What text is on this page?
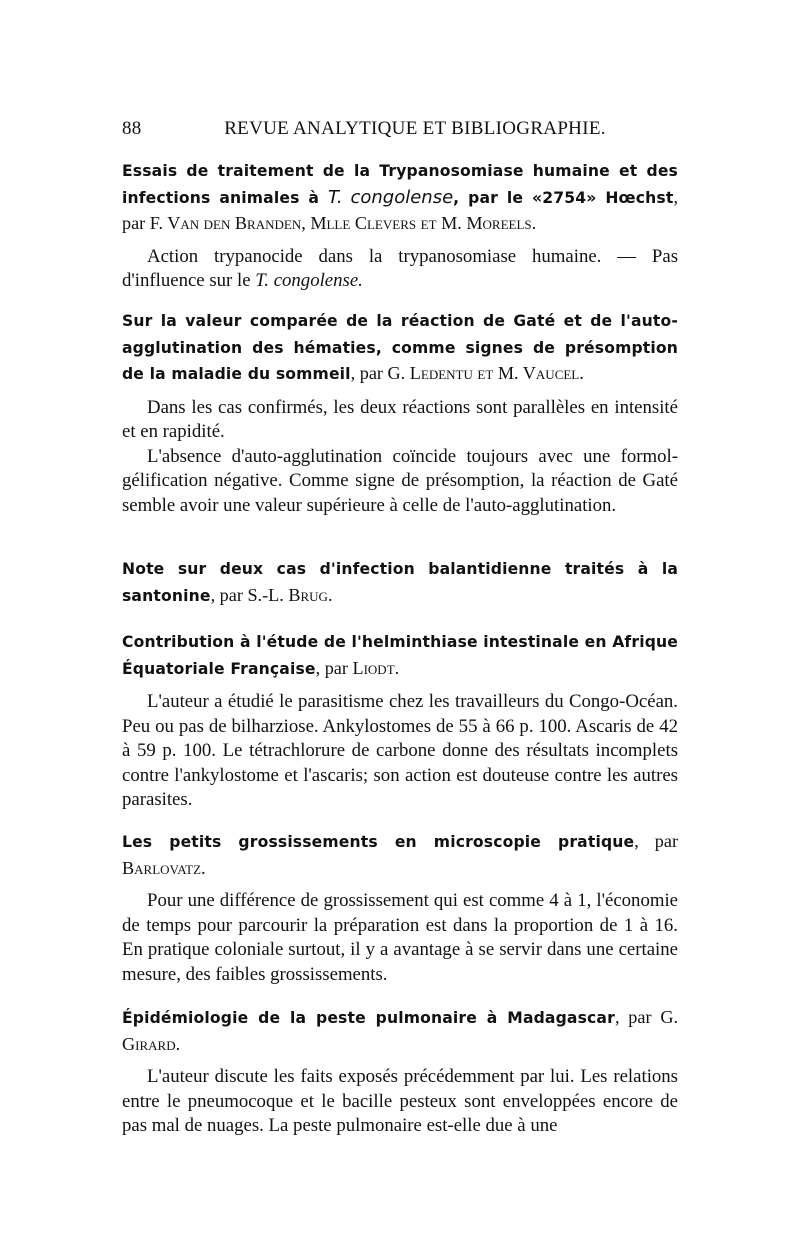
88	REVUE ANALYTIQUE ET BIBLIOGRAPHIE.
Essais de traitement de la Trypanosomiase humaine et des infections animales à T. congolense, par le «2754» Hœchst, par F. Van den Branden, Mlle Clevers et M. Moreels.

Action trypanocide dans la trypanosomiase humaine. — Pas d'influence sur le T. congolense.

Sur la valeur comparée de la réaction de Gaté et de l'auto-agglutination des hématies, comme signes de présomption de la maladie du sommeil, par G. Ledentu et M. Vaucel.

Dans les cas confirmés, les deux réactions sont parallèles en intensité et en rapidité.

L'absence d'auto-agglutination coïncide toujours avec une formol-gélification négative. Comme signe de présomption, la réaction de Gaté semble avoir une valeur supérieure à celle de l'auto-agglutination.

Note sur deux cas d'infection balantidienne traités à la santonine, par S.-L. Brug.
Contribution à l'étude de l'helminthiase intestinale en Afrique Équatoriale Française, par Liodt.

L'auteur a étudié le parasitisme chez les travailleurs du Congo-Océan. Peu ou pas de bilharziose. Ankylostomes de 55 à 66 p. 100. Ascaris de 42 à 59 p. 100. Le tétrachlorure de carbone donne des résultats incomplets contre l'ankylostome et l'ascaris; son action est douteuse contre les autres parasites.

Les petits grossissements en microscopie pratique, par Barlovatz.

Pour une différence de grossissement qui est comme 4 à 1, l'économie de temps pour parcourir la préparation est dans la proportion de 1 à 16. En pratique coloniale surtout, il y a avantage à se servir dans une certaine mesure, des faibles grossissements.

Épidémiologie de la peste pulmonaire à Madagascar, par G. Girard.

L'auteur discute les faits exposés précédemment par lui. Les relations entre le pneumocoque et le bacille pesteux sont enveloppées encore de pas mal de nuages. La peste pulmonaire est-elle due à une
